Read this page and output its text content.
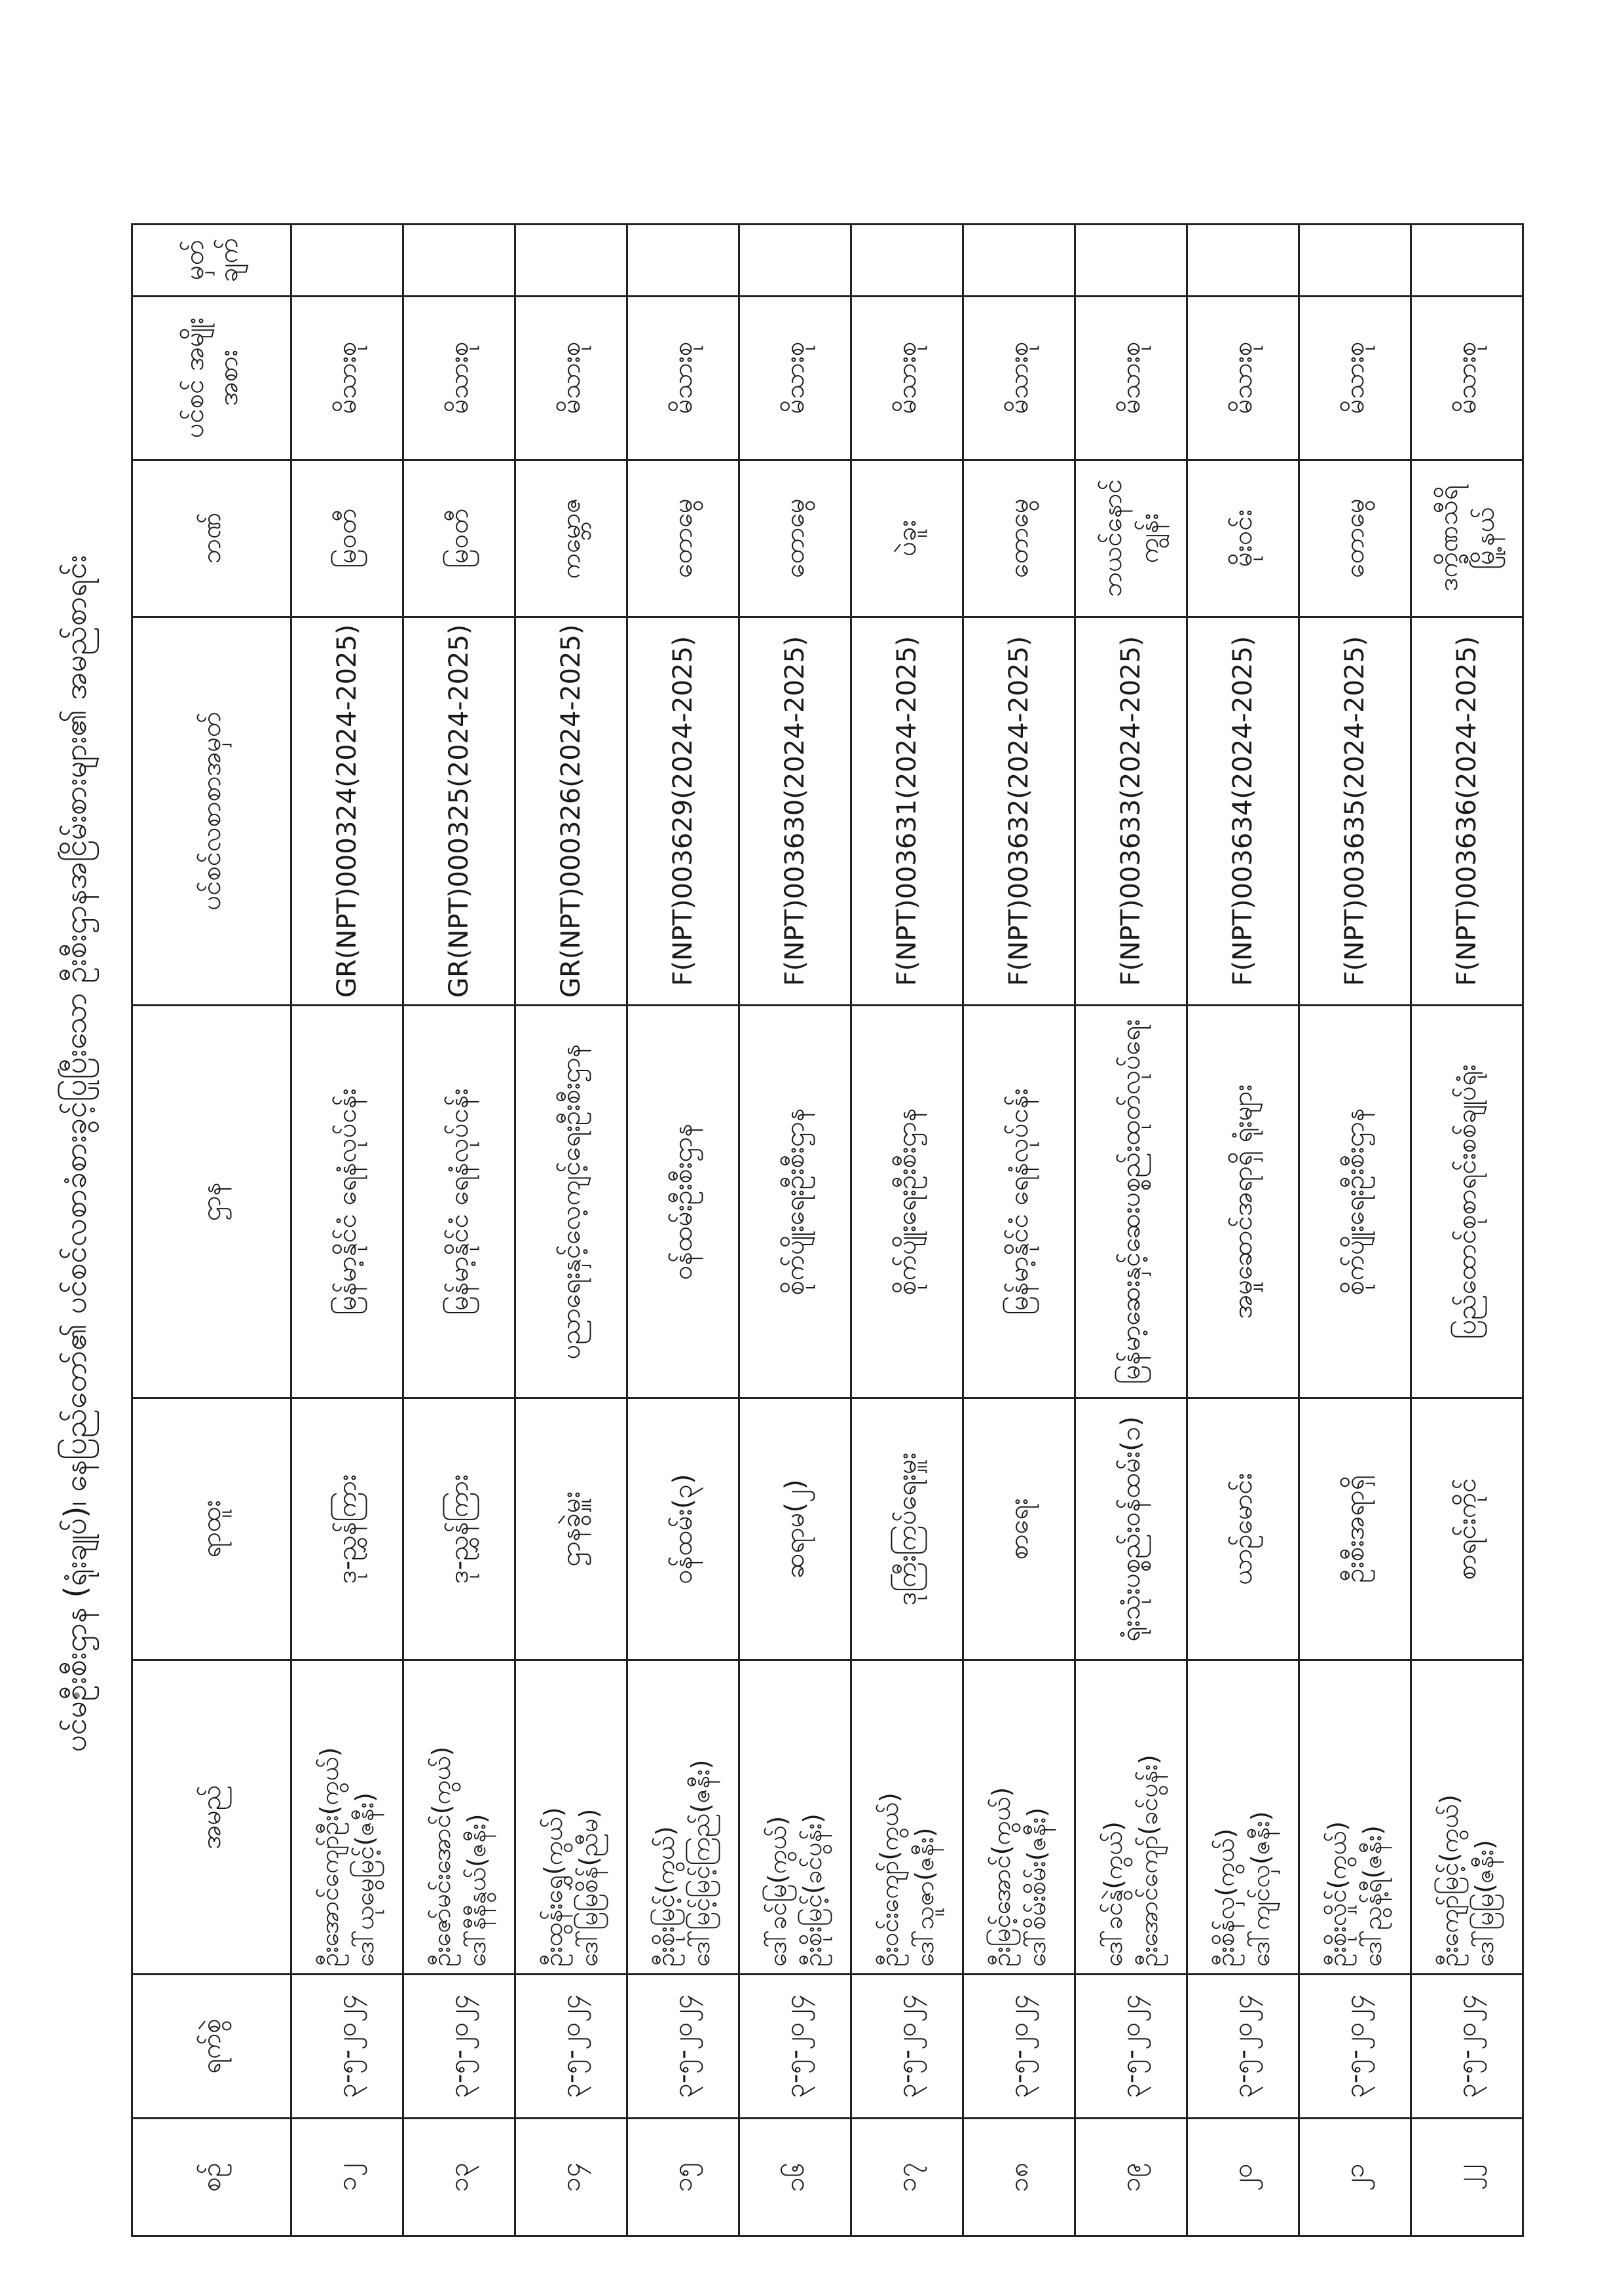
ပင်မဦးစီးဌာန (ရုံးချုပ်)၊ နေပြည်တော်၏ ပင်စင်လစာခံစားခွင့်ပြုပြီးသော ဦးစီးဌာနအငြိမ်းစားများ၏ အမည်စာရင်း
စဉ်	ရက်စွဲ	အမည်	ရာထူး	ဌာန	ပင်စင်လစာစာအမှတ်	ဘဏ်	ပင်စင် အမျိုးအစား	မှတ် ချက်
၁၂	၃-၅-၂၀၂၄	ဦးအောင်ကျော်ဦး(ကွယ်) ဒေါ်ယုမွေမြင့်(ဇနီး)	ဒု-ညွှန်ကြား	မြန်မာ့နိုင်ငံ ရေနံလုပ်ငန်း	GR(NPT)000324(2024-2025)	မြဝတီ	မိသားစု	
၁၃	၃-၅-၂၀၂၄	ဦးဇော်မင်းအောင်(ကွယ်) ဒေါ်နီနီနွယ်(ဇနီး)	ဒု-ညွှန်ကြား	မြန်မာ့နိုင်ငံ ရေနံလုပ်ငန်း	GR(NPT)000325(2024-2025)	မြဝတီ	မိသားစု	
၁၄	၃-၅-၂၀၂၄	ဦးထွန်းရွှေ(ကွယ်) ဒေါ်မြမြစိန်(ညီမ)	ဌာနခွဲမှူး	ပညာရေးနှင့်လေ့ကျင့်ရေးဦးစီးဌာန	GR(NPT)000326(2024-2025)	ကမ္ဘောဇ	မိသားစု	
၁၅	၃-၅-၂၀၂၄	ဦးစိုးမြင့်(ကွယ်) ဒေါ်မြင့်မြင့်ကြည်(ဇနီး)	ဝန်ထမ်း(၃)	ဝန်ထမ်းဦးစီးဌာန	F(NPT)003629(2024-2025)	တောမွေ	မိသားစု	
၁၆	၃-၅-၂၀၂၄	ဒေါ်ခင်မြ(ကွယ်) ဦးစိုးမြင့်(ခင်ပွန်း)	ဆရာမ(၂)	စိုက်ပျိုးရေးဦးစီးဌာန	F(NPT)003630(2024-2025)	တောမွေ	မိသားစု	
၁၇	၃-၅-၂၀၂၄	ဦးဝင်းကျော်(ကွယ်) ဒေါ်သူဇာ(ဇနီး)	ဒုကြီးကြပ်ရေးမှူး	စိုက်ပျိုးရေးဦးစီးဌာန	F(NPT)003631(2024-2025)	ပဲခူး	မိသားစု	
၁၈	၃-၅-၂၀၂၄	ဦးမြင့်အောင်(ကွယ်) ဒေါ်စိမ်းစိမ်း(ဇနီး)	စာရေး	မြန်မာ့နိုင်ငံ ရေနံလုပ်ငန်း	F(NPT)003632(2024-2025)	တောမွေ	မိသားစု	
၁၉	၃-၅-၂၀၂၄	ဒေါ်ခင်နွဲ(ကွယ်) ဦးအောင်ကျော်(ခင်ပွန်း)	ရုံးသုံးပစ္စည်းဝန်ထမ်း(၁)	မြန်မာ့ဆေးနှင့်ဆေးပစ္စည်းထုတ်လုပ်ရေး	F(NPT)003633(2024-2025)	ဘယင်နောင်ကျွန်း	မိသားစု	
၂၀	၃-၅-၂၀၂၄	ဦးစိန်လှ(ကွယ်) ဒေါ်ကျင်လှ(ဇနီး)	ယာဉ်မောင်း	အမှုဆောင်အရာရှိ ရုံးများ	F(NPT)003634(2024-2025)	မိုးဝင်း	မိသားစု	
၂၁	၃-၅-၂၀၂၄	ဦးစိုးလှိုင်(ကွယ်) ဒေါ်ညွန့်ရီ(ဇနီး)	ဦးစီးအရာရှိ	စိုက်ပျိုးရေးဦးစီးဌာန	F(NPT)003635(2024-2025)	တောမွေ	မိသားစု	
၂၂	၃-၅-၂၀၂၄	ဦးကျော်မြင့်(ကွယ်) ဒေါ်မြမြ(ဇနီး)	စာရင်းကိုင်	ပြည်ထောင်စုစာရင်းစစ်ချုပ်ရုံး	F(NPT)003636(2024-2025)	ဒက္ခိဏသီရိမြို့နယ်	မိသားစု	
